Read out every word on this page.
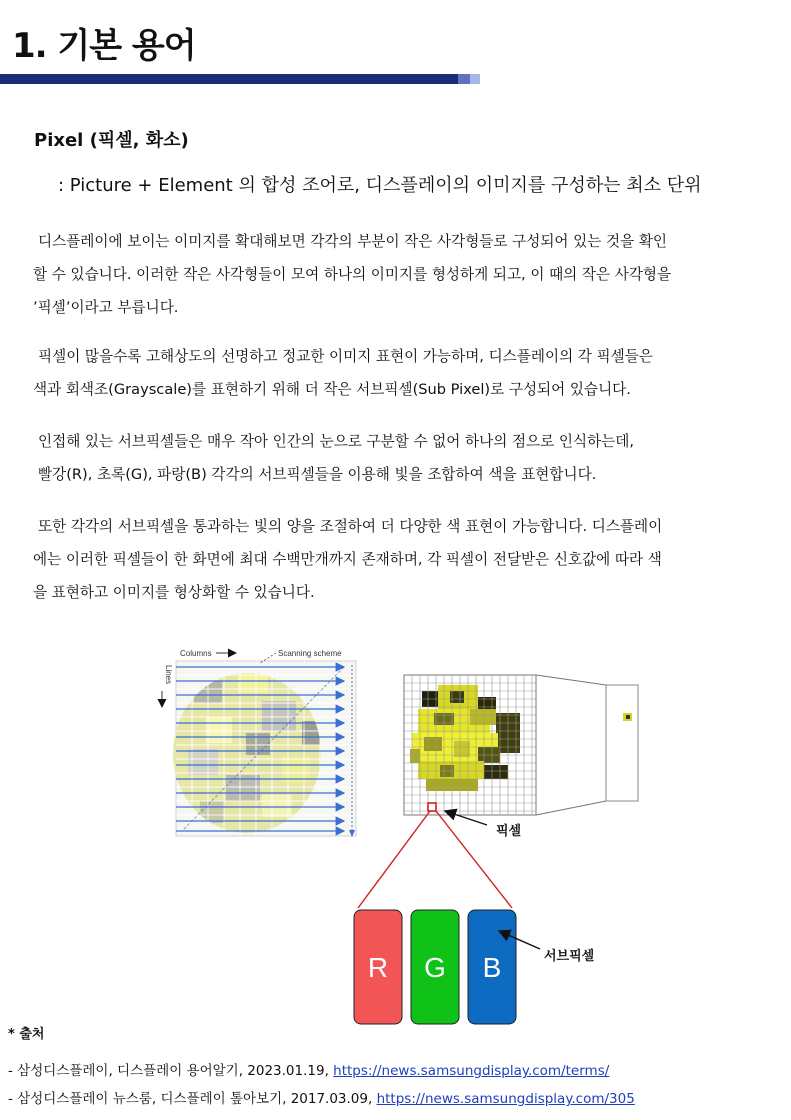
1. 기본 용어
Pixel (픽셀, 화소)
: Picture + Element 의 합성 조어로, 디스플레이의 이미지를 구성하는 최소 단위
디스플레이에 보이는 이미지를 확대해보면 각각의 부분이 작은 사각형들로 구성되어 있는 것을 확인
할 수 있습니다. 이러한 작은 사각형들이 모여 하나의 이미지를 형성하게 되고, 이 때의 작은 사각형을
’픽셀’이라고 부릅니다.
픽셀이 많을수록 고해상도의 선명하고 정교한 이미지 표현이 가능하며, 디스플레이의 각 픽셀들은
색과 회색조(Grayscale)를 표현하기 위해 더 작은 서브픽셀(Sub Pixel)로 구성되어 있습니다.
인접해 있는 서브픽셀들은 매우 작아 인간의 눈으로 구분할 수 없어 하나의 점으로 인식하는데,
빨강(R), 초록(G), 파랑(B) 각각의 서브픽셀들을 이용해 빛을 조합하여 색을 표현합니다.
또한 각각의 서브픽셀을 통과하는 빛의 양을 조절하여 더 다양한 색 표현이 가능합니다. 디스플레이
에는 이러한 픽셀들이 한 화면에 최대 수백만개까지 존재하며, 각 픽셀이 전달받은 신호값에 따라 색
을 표현하고 이미지를 형상화할 수 있습니다.
Columns	Scanning scheme
Lines
픽셀
R G B	서브픽셀
* 출처
- 삼성디스플레이, 디스플레이 용어알기, 2023.01.19, https://news.samsungdisplay.com/terms/
- 삼성디스플레이 뉴스룸, 디스플레이 톺아보기, 2017.03.09, https://news.samsungdisplay.com/305
